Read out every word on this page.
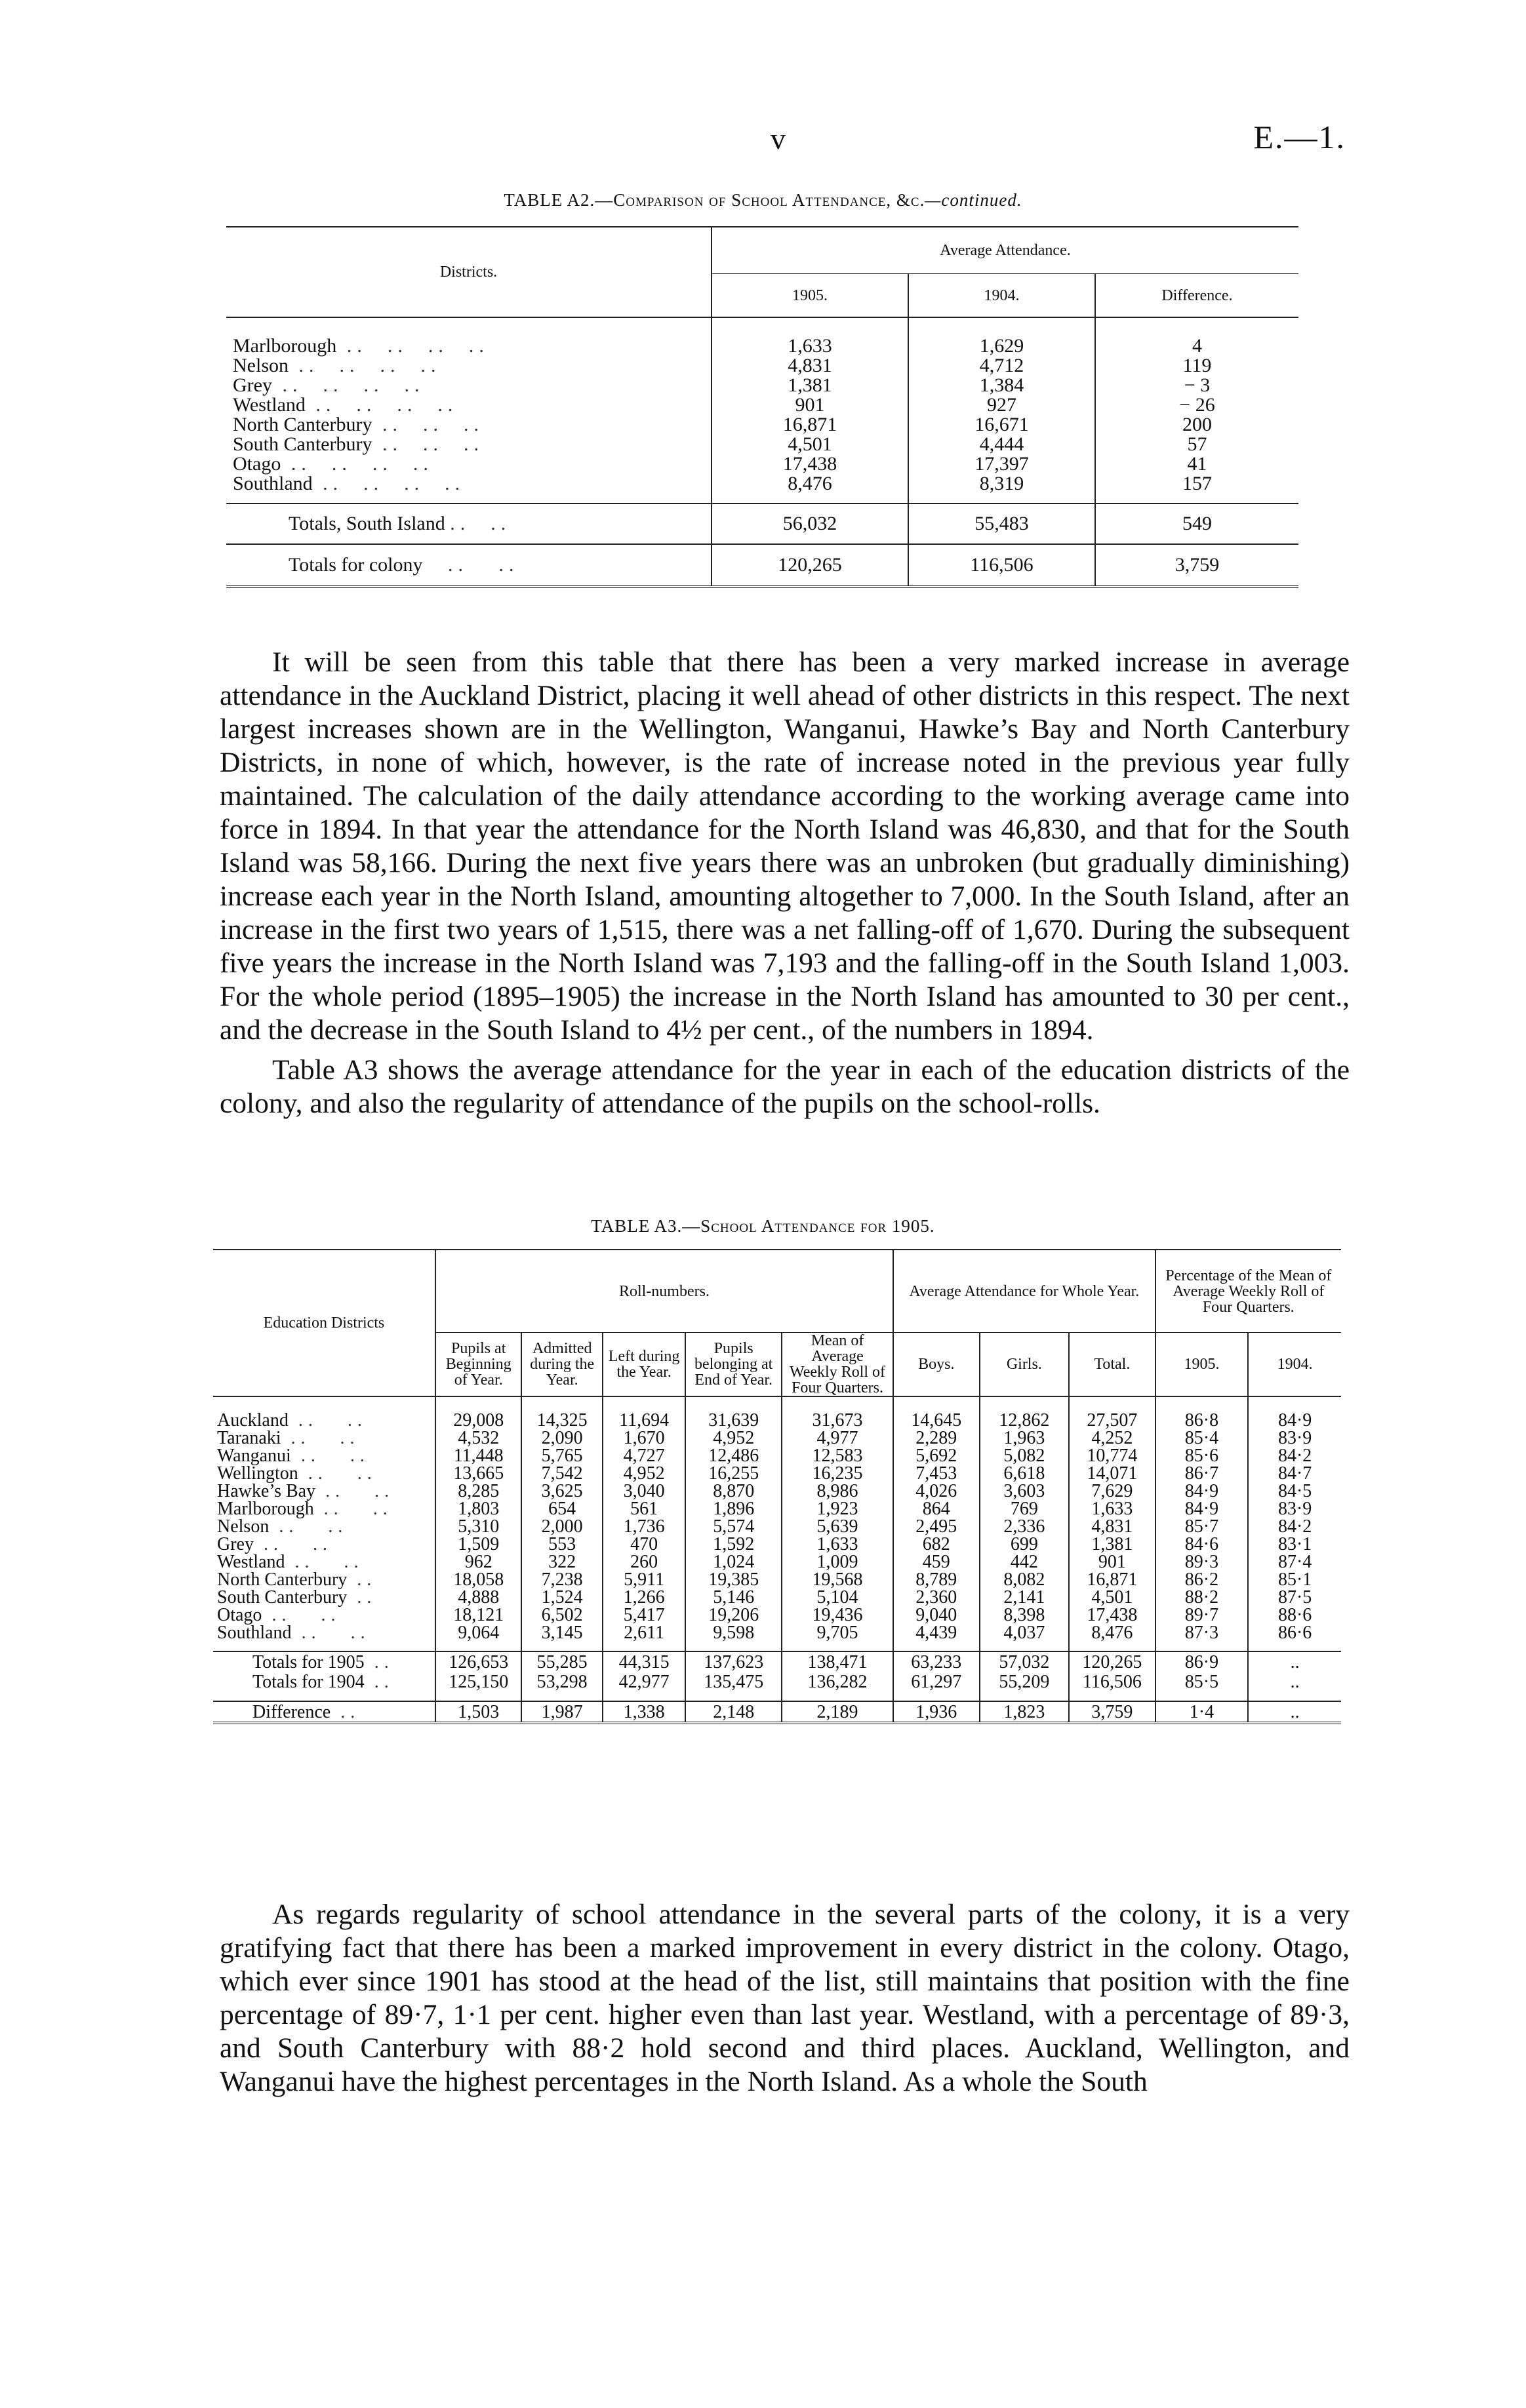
v	E.—1.
TABLE A2.—Comparison of School Attendance, &c.—continued.
Districts.	Average Attendance.		
	1905.	1904.	Difference.

Marlborough ..  ..  ..  ..	1,633	1,629	4
Nelson ..  ..  ..  ..	4,831	4,712	119
Grey ..  ..  ..  ..	1,381	1,384	− 3
Westland ..  ..  ..  ..	901	927	− 26
North Canterbury ..  ..  ..	16,871	16,671	200
South Canterbury ..  ..  ..	4,501	4,444	57
Otago ..  ..  ..  ..	17,438	17,397	41
Southland ..  ..  ..  ..	8,476	8,319	157

Totals, South Island ..  ..	56,032	55,483	549
Totals for colony   ..   ..	120,265	116,506	3,759

It will be seen from this table that there has been a very marked increase in average attendance in the Auckland District, placing it well ahead of other districts in this respect. The next largest increases shown are in the Wellington, Wanganui, Hawke’s Bay and North Canterbury Districts, in none of which, however, is the rate of increase noted in the previous year fully maintained. The calculation of the daily attendance according to the working average came into force in 1894. In that year the attendance for the North Island was 46,830, and that for the South Island was 58,166. During the next five years there was an unbroken (but gradually diminishing) increase each year in the North Island, amounting altogether to 7,000. In the South Island, after an increase in the first two years of 1,515, there was a net falling-off of 1,670. During the subsequent five years the increase in the North Island was 7,193 and the falling-off in the South Island 1,003. For the whole period (1895–1905) the increase in the North Island has amounted to 30 per cent., and the decrease in the South Island to 4½ per cent., of the numbers in 1894.

Table A3 shows the average attendance for the year in each of the education districts of the colony, and also the regularity of attendance of the pupils on the school-rolls.

TABLE A3.—School Attendance for 1905.
Education Districts	Roll-numbers.					Average Attendance for Whole Year.			Percentage of the Mean of Average Weekly Roll of Four Quarters.	
	Pupils at Beginning of Year.	Admitted during the Year.	Left during the Year.	Pupils belonging at End of Year.	Mean of Average Weekly Roll of Four Quarters.	Boys.	Girls.	Total.		
									1905.	1904.

Auckland ..   ..	29,008	14,325	11,694	31,639	31,673	14,645	12,862	27,507	86·8	84·9
Taranaki ..   ..	4,532	2,090	1,670	4,952	4,977	2,289	1,963	4,252	85·4	83·9
Wanganui ..   ..	11,448	5,765	4,727	12,486	12,583	5,692	5,082	10,774	85·6	84·2
Wellington ..   ..	13,665	7,542	4,952	16,255	16,235	7,453	6,618	14,071	86·7	84·7
Hawke’s Bay ..   ..	8,285	3,625	3,040	8,870	8,986	4,026	3,603	7,629	84·9	84·5
Marlborough ..   ..	1,803	654	561	1,896	1,923	864	769	1,633	84·9	83·9
Nelson ..   ..	5,310	2,000	1,736	5,574	5,639	2,495	2,336	4,831	85·7	84·2
Grey ..   ..	1,509	553	470	1,592	1,633	682	699	1,381	84·6	83·1
Westland ..   ..	962	322	260	1,024	1,009	459	442	901	89·3	87·4
North Canterbury ..	18,058	7,238	5,911	19,385	19,568	8,789	8,082	16,871	86·2	85·1
South Canterbury ..	4,888	1,524	1,266	5,146	5,104	2,360	2,141	4,501	88·2	87·5
Otago ..   ..	18,121	6,502	5,417	19,206	19,436	9,040	8,398	17,438	89·7	88·6
Southland ..   ..	9,064	3,145	2,611	9,598	9,705	4,439	4,037	8,476	87·3	86·6

Totals for 1905 ..	126,653	55,285	44,315	137,623	138,471	63,233	57,032	120,265	86·9	..
Totals for 1904 ..	125,150	53,298	42,977	135,475	136,282	61,297	55,209	116,506	85·5	..

Difference ..	1,503	1,987	1,338	2,148	2,189	1,936	1,823	3,759	1·4	..

As regards regularity of school attendance in the several parts of the colony, it is a very gratifying fact that there has been a marked improvement in every district in the colony. Otago, which ever since 1901 has stood at the head of the list, still maintains that position with the fine percentage of 89·7, 1·1 per cent. higher even than last year. Westland, with a percentage of 89·3, and South Canterbury with 88·2 hold second and third places. Auckland, Wellington, and Wanganui have the highest percentages in the North Island. As a whole the South
